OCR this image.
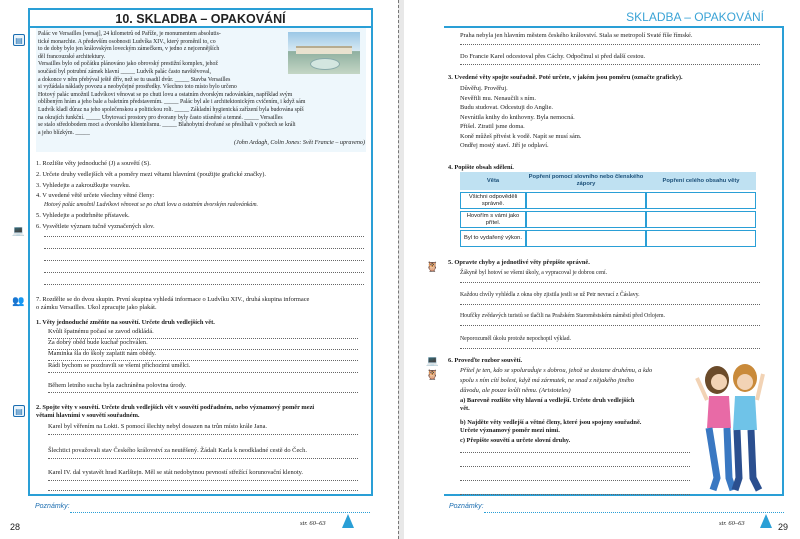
10. SKLADBA – OPAKOVÁNÍ
▤
(John Ardagh, Colin Jones: Svět Francie – upraveno)
💻
👥
▤
Poznámky:
28	str. 60–63
Palác ve Versailles [versaj], 24 kilometrů od Paříže, je monumentem absolutis-
tické monarchie. A především osobnosti Ludvíka XIV., který proměnil to, co
to de doby bylo jen královským loveckým zámečkem, v jedno z nejcennějších
děl francouzské architektury.
Versailles bylo od počátku plánováno jako obrovský prestižní komplex, jehož
součástí byl potrubní zámek hlavní _____ Ludvík palác často navštěvoval,
a dokonce v něm přebýval ještě dřív, než se tu usadil dvůr. _____ Stavba Versailles
si vyžádala náklady povozu a neobyčejné prostředky. Všechno toto místo bylo určeno
Hotový palác umožnil Ludvíkovi věnovat se po chuti lovu a ostatním dvorským radovánkám, například svým
oblíbeným hrám a jeho bale a baletním představením. _____ Palác byl ale i architektonickým cvičením, i když sám
Ludvík kladl důraz na jeho společenskou a politickou roli. _____ Základní hygienická zařízení byla budována spíš
na okrajích funkční. _____ Ubytovací prostory pro dvorany byly často stísněné a temné. _____ Versailles
se stalo středobodem moci a dvorského klientelismu. _____ Blahobytní dvořané se přeslíhali v počtech se králi
a jeho blízkým. _____
1. Rozlište věty jednoduché (J) a souvětí (S).
2. Určete druhy vedlejších vět a poměry mezi větami hlavními (použijte grafické značky).
3. Vyhledejte a zakroužkujte vsuvku.
4. V uvedené větě určete všechny větné členy:
Hotový palác umožnil Ludvíkovi věnovat se po chuti lovu a ostatním dvorským radovánkám.
5. Vyhledejte a podtrhněte přístavek.
6. Vysvětlete význam tučně vyznačených slov.
7. Rozdělte se do dvou skupin. První skupina vyhledá informace o Ludvíku XIV., druhá skupina informace
o zámku Versailles. Ukol zpracujte jako plakát.
1. Věty jednoduché změňte na souvětí. Určete druh vedlejších vět.
Kvůli špatnému počasí se zavod odkládá.
Za dobrý oběd bude kuchař pochválen.
Maminka šla do školy zaplatit nám obědy.
Rádi bychom se pozdravili se všemi příchozími umělci.
Během letního sucha byla zachráněna polovina úrody.
2. Spojte věty v souvětí. Určete druh vedlejších vět v souvětí podřadném, nebo významový poměr mezi
větami hlavními v souvětí souřadném.
Karel byl věřením na Lokti. S pomocí šlechty nebyl dosazen na trůn místo krále Jana.
Šlechtici považovali stav Českého království za neutěšený. Žádali Karla k neodkladné cestě do Čech.
Karel IV. dal vystavět hrad Karlštejn. Měl se stát nedobytnou pevností střežící korunovační klenoty.
SKLADBA – OPAKOVÁNÍ
🦉
💻
🦉
Poznámky:
str. 60–63	29
Praha nebyla jen hlavním městem českého království. Stala se metropolí Svaté říše římské.
Do Francie Karel odcestoval přes Cáchy. Odpočinul si před další cestou.
3. Uvedené věty spojte souřadně. Poté určete, v jakém jsou poměru (označte graficky).
Důvěřuj. Prověřuj.
Nevěřili mu. Nenaučili s ním.
Budu studovat. Odcestuji do Anglie.
Nevrátila knihy do knihovny. Byla nemocná.
Přišel. Ztratil jsme doma.
Koně můžeš přivést k vodě. Napít se musí sám.
Ondřej mostý staví. Jiří je odplaví.
4. Popište obsah sdělení.
5. Opravte chyby a jednotlivé věty přepište správně.
Žákyně byl hotoví se všemi úkoly, a vypracoval je dobrou cení.
Každou chvíly vyhlédla z okna oby zjistila jestli se už Petr nevrací z Čáslavy.
Houfčky zvědavých turistů se tlačili na Pražském Staroměstském náměstí před Orlojem.
Neporozuměl úkolu protože nepochopil výklad.
6. Proveďte rozbor souvětí.
Přítel je ten, kdo se spolurad́uje s dobrou, jehož se dostane druhému, a kdo
spolu s ním cítí bolest, když má zármutek, ne snad z nějakého jiného
důvodu, ale pouze kvůli němu. (Aristoteles)
a) Barevně rozlište věty hlavní a vedlejší. Určete druh vedlejších
vět.
b) Najděte věty vedlejší a větné členy, které jsou spojeny souřadně.
Určete významový poměr mezi nimi.
c) Přepište souvětí a určete slovní druhy.
Věta	Popření pomocí slovního nebo členského zápory	Popření celého obsahu věty
Všichni odpověděli správně.		
Hovořím s vámi jako přítel.		
Byl to vydařený výkon.		
